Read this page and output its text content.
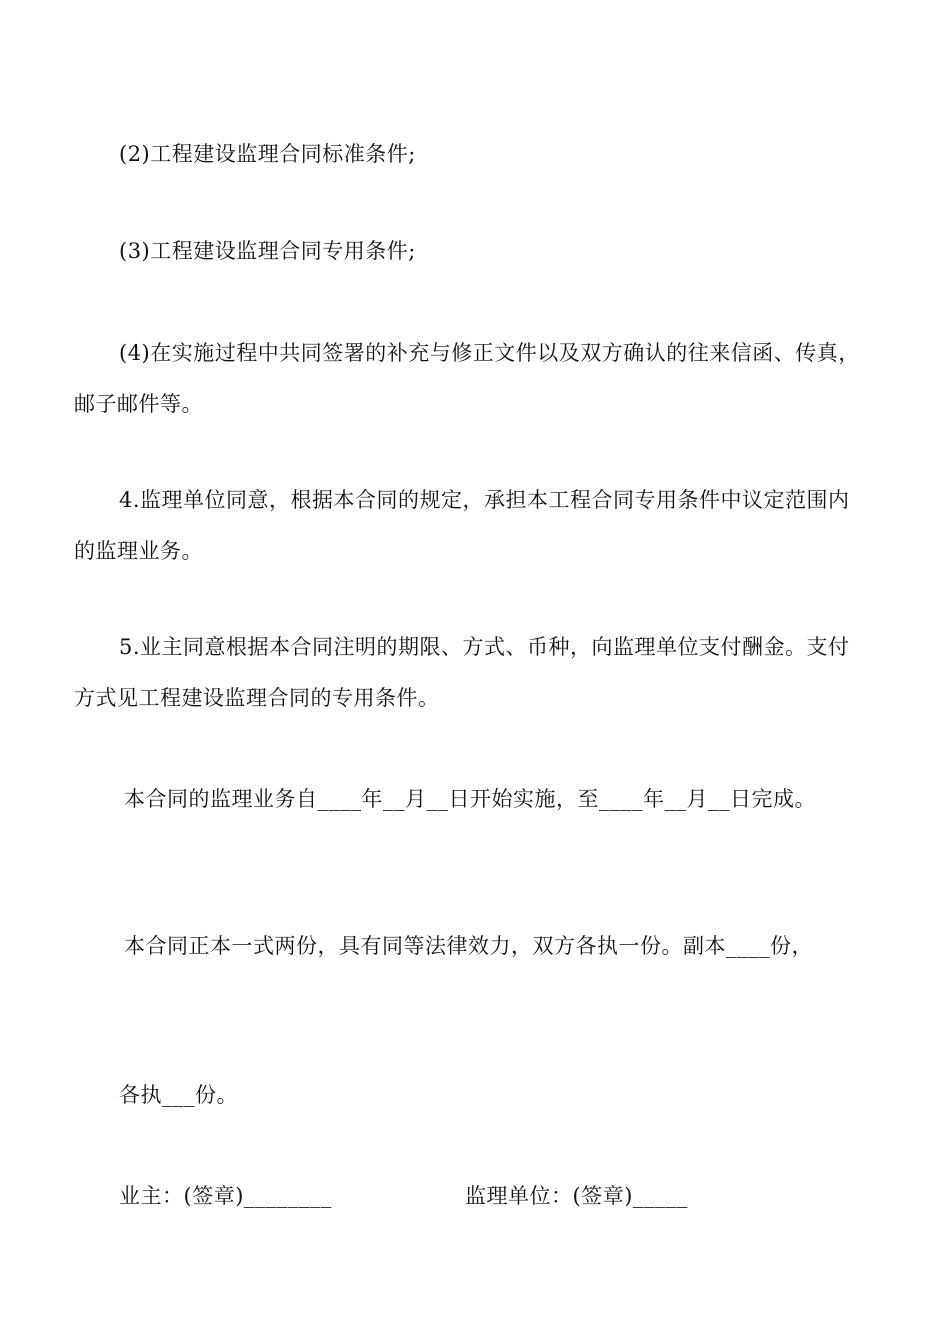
(2)工程建设监理合同标准条件;
(3)工程建设监理合同专用条件;
(4)在实施过程中共同签署的补充与修正文件以及双方确认的往来信函、传真，
邮子邮件等。
4.监理单位同意，根据本合同的规定，承担本工程合同专用条件中议定范围内
的监理业务。
5.业主同意根据本合同注明的期限、方式、币种，向监理单位支付酬金。支付
方式见工程建设监理合同的专用条件。
本合同的监理业务自____年__月__日开始实施，至____年__月__日完成。
本合同正本一式两份，具有同等法律效力，双方各执一份。副本____份，
各执___份。
业主：(签章)________	监理单位：(签章)_____
